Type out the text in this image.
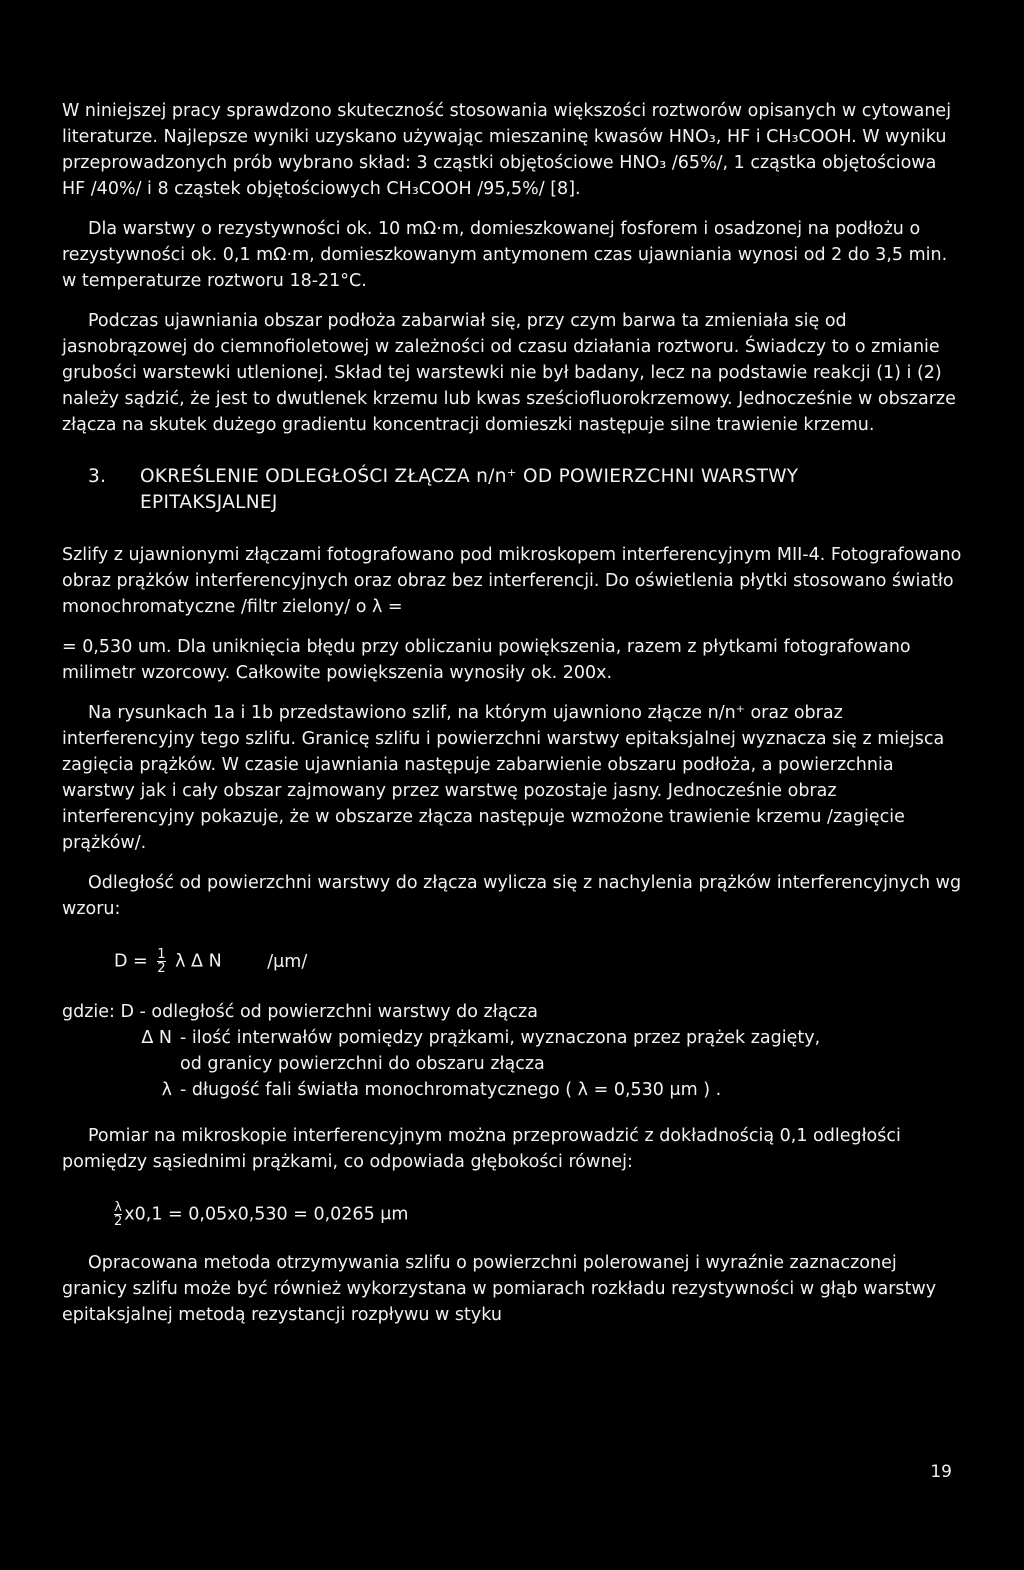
W niniejszej pracy sprawdzono skuteczność stosowania większości roztworów opisanych w cytowanej literaturze. Najlepsze wyniki uzyskano używając mieszaninę kwasów HNO₃, HF i CH₃COOH. W wyniku przeprowadzonych prób wybrano skład: 3 cząstki objętościowe HNO₃ /65%/, 1 cząstka objętościowa HF /40%/ i 8 cząstek objętościowych CH₃COOH /95,5%/ [8].

Dla warstwy o rezystywności ok. 10 mΩ·m, domieszkowanej fosforem i osadzonej na podłożu o rezystywności ok. 0,1 mΩ·m, domieszkowanym antymonem czas ujawniania wynosi od 2 do 3,5 min. w temperaturze roztworu 18-21°C.

Podczas ujawniania obszar podłoża zabarwiał się, przy czym barwa ta zmieniała się od jasnobrązowej do ciemnofioletowej w zależności od czasu działania roztworu. Świadczy to o zmianie grubości warstewki utlenionej. Skład tej warstewki nie był badany, lecz na podstawie reakcji (1) i (2) należy sądzić, że jest to dwutlenek krzemu lub kwas sześciofluorokrzemowy. Jednocześnie w obszarze złącza na skutek dużego gradientu koncentracji domieszki następuje silne trawienie krzemu.

3. OKREŚLENIE ODLEGŁOŚCI ZŁĄCZA n/n⁺ OD POWIERZCHNI WARSTWY
EPITAKSJALNEJ

Szlify z ujawnionymi złączami fotografowano pod mikroskopem interferencyjnym MII-4. Fotografowano obraz prążków interferencyjnych oraz obraz bez interferencji. Do oświetlenia płytki stosowano światło monochromatyczne /filtr zielony/ o λ =

= 0,530 um. Dla uniknięcia błędu przy obliczaniu powiększenia, razem z płytkami fotografowano milimetr wzorcowy. Całkowite powiększenia wynosiły ok. 200x.

Na rysunkach 1a i 1b przedstawiono szlif, na którym ujawniono złącze n/n⁺ oraz obraz interferencyjny tego szlifu. Granicę szlifu i powierzchni warstwy epitaksjalnej wyznacza się z miejsca zagięcia prążków. W czasie ujawniania następuje zabarwienie obszaru podłoża, a powierzchnia warstwy jak i cały obszar zajmowany przez warstwę pozostaje jasny. Jednocześnie obraz interferencyjny pokazuje, że w obszarze złącza następuje wzmożone trawienie krzemu /zagięcie prążków/.

Odległość od powierzchni warstwy do złącza wylicza się z nachylenia prążków interferencyjnych wg wzoru:

$D = \frac{1}{2}$ λ Δ N	/μm/
gdzie: D - odległość od powierzchni warstwy do złącza
Δ N - ilość interwałów pomiędzy prążkami, wyznaczona przez prążek zagięty,
od granicy powierzchni do obszaru złącza
λ - długość fali światła monochromatycznego ( λ = 0,530 μm ) .

Pomiar na mikroskopie interferencyjnym można przeprowadzić z dokładnością 0,1 odległości pomiędzy sąsiednimi prążkami, co odpowiada głębokości równej:

$\frac{\lambda}{2} x0,1 = 0,05x0,530 = 0,0265$ μm

Opracowana metoda otrzymywania szlifu o powierzchni polerowanej i wyraźnie zaznaczonej granicy szlifu może być również wykorzystana w pomiarach rozkładu rezystywności w głąb warstwy epitaksjalnej metodą rezystancji rozpływu w styku

19
